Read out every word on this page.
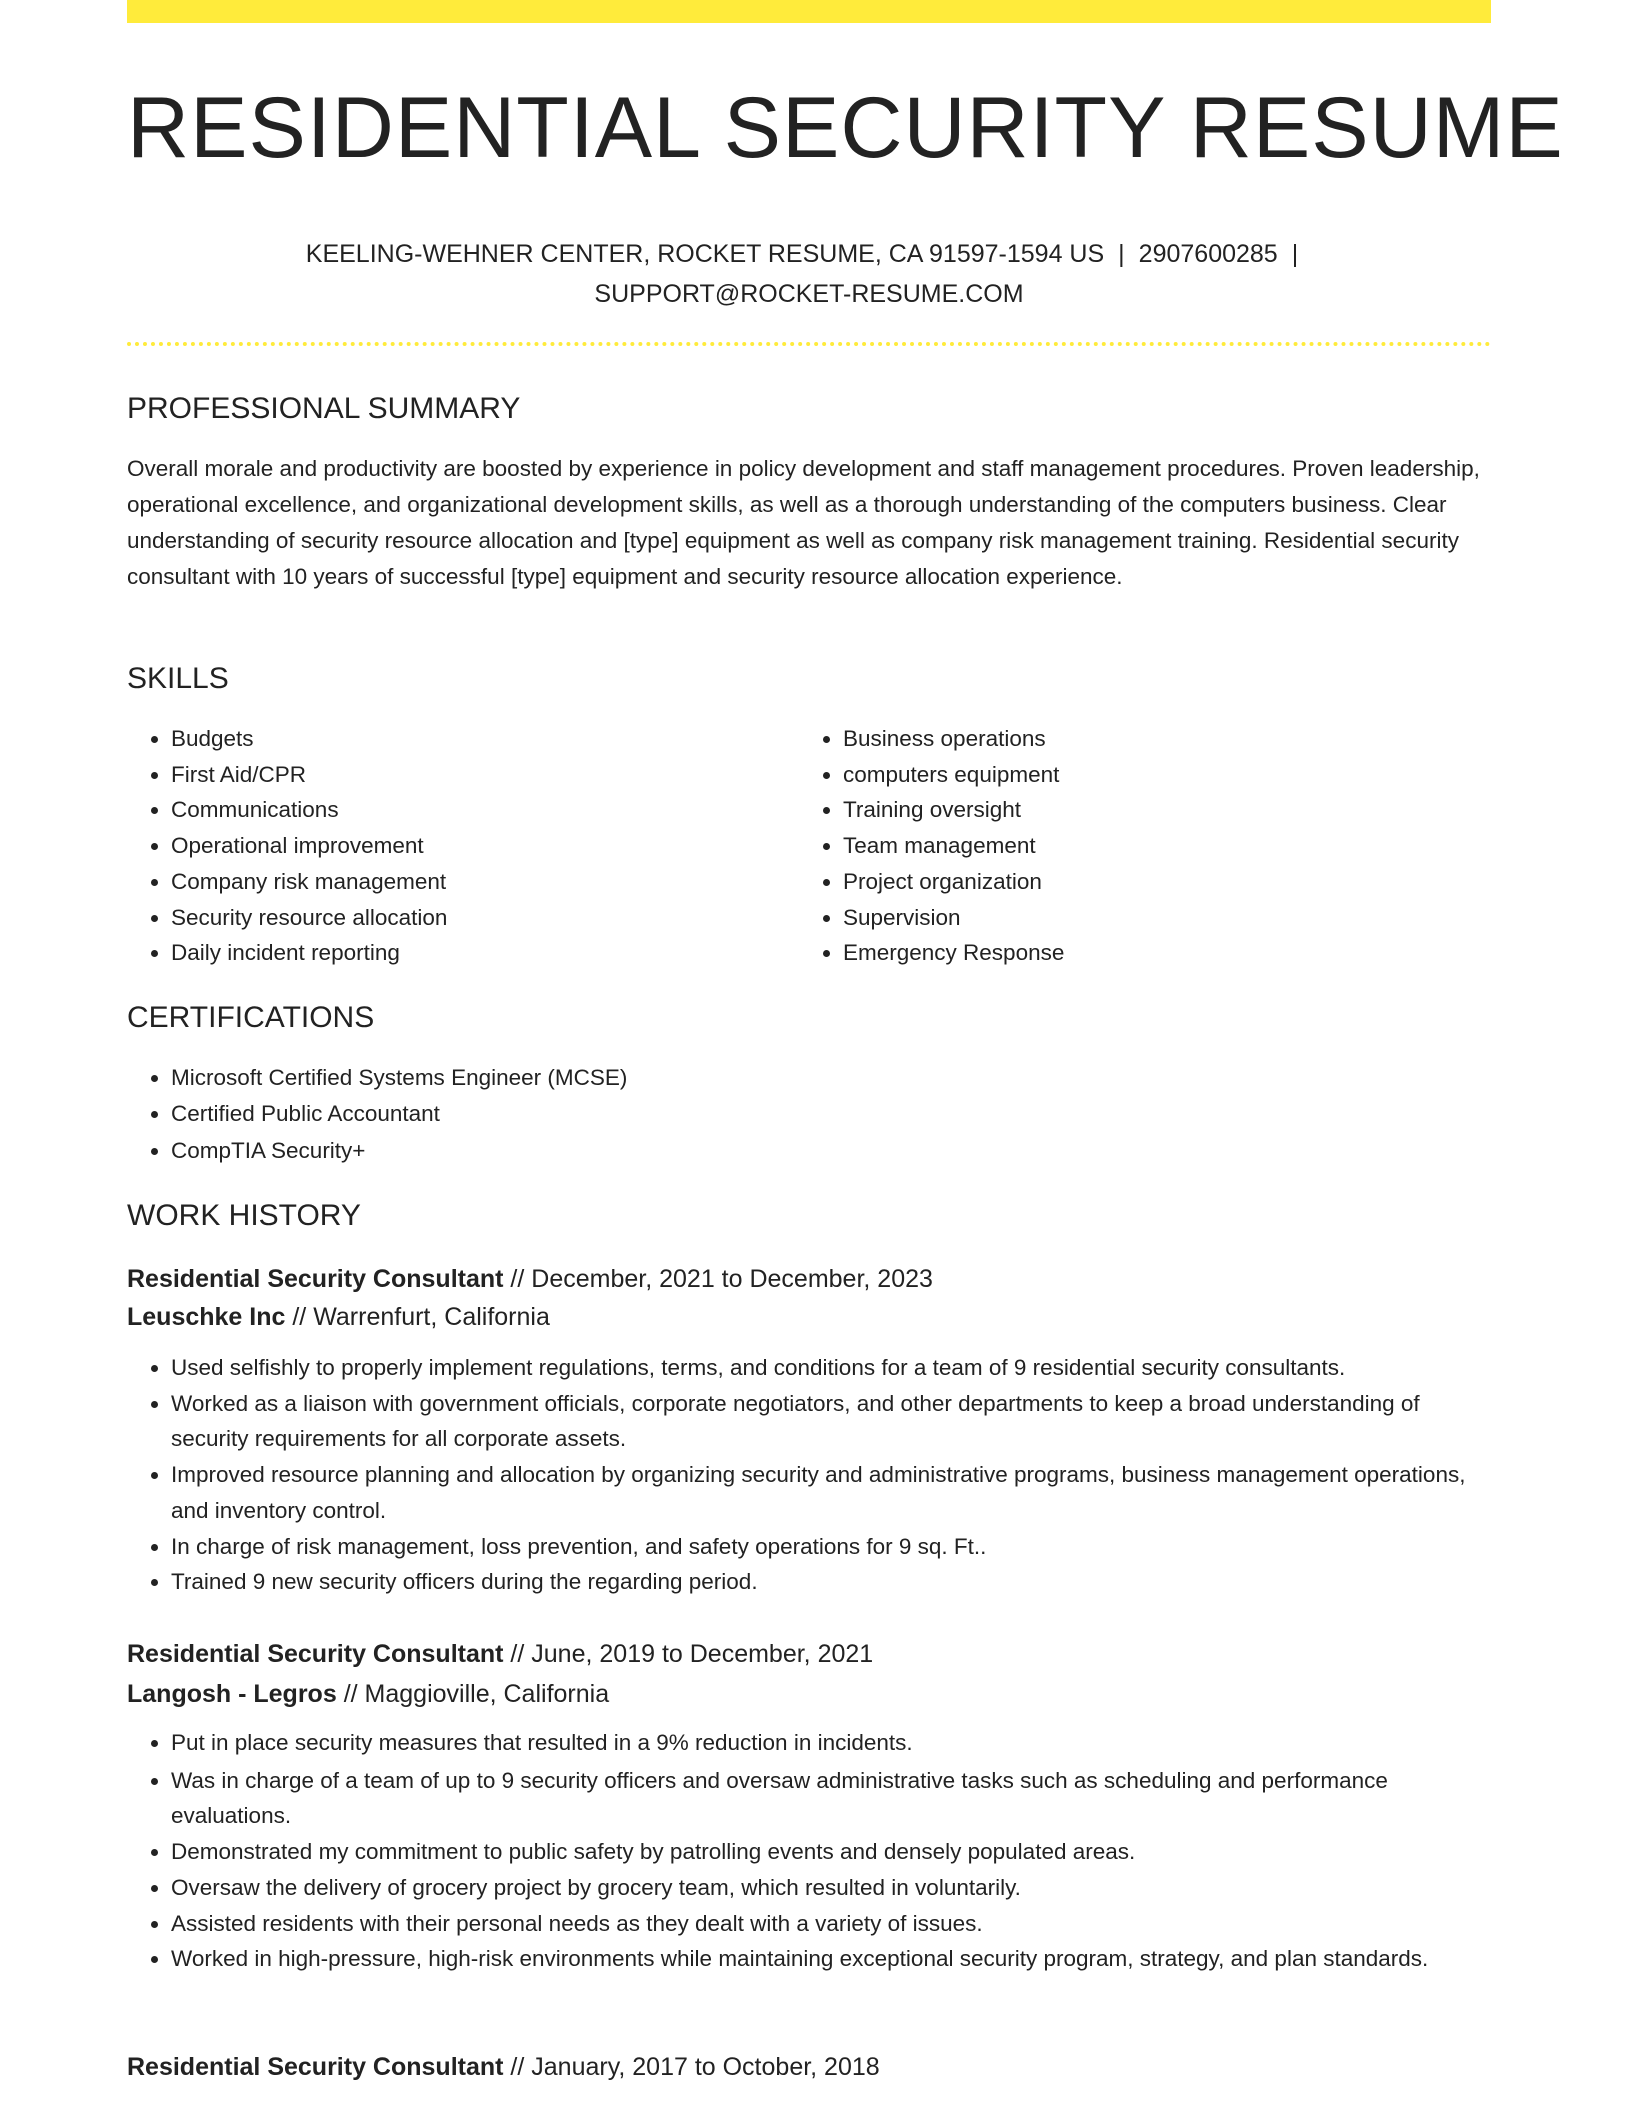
RESIDENTIAL SECURITY RESUME
KEELING-WEHNER CENTER, ROCKET RESUME, CA 91597-1594 US | 2907600285 |
SUPPORT@ROCKET-RESUME.COM
PROFESSIONAL SUMMARY

Overall morale and productivity are boosted by experience in policy development and staff management procedures. Proven leadership, operational excellence, and organizational development skills, as well as a thorough understanding of the computers business. Clear understanding of security resource allocation and [type] equipment as well as company risk management training. Residential security consultant with 10 years of successful [type] equipment and security resource allocation experience.

SKILLS
• Budgets
• First Aid/CPR
• Communications
• Operational improvement
• Company risk management
• Security resource allocation
• Daily incident reporting
• Business operations
• computers equipment
• Training oversight
• Team management
• Project organization
• Supervision
• Emergency Response
CERTIFICATIONS
• Microsoft Certified Systems Engineer (MCSE)
• Certified Public Accountant
• CompTIA Security+
WORK HISTORY
Residential Security Consultant // December, 2021 to December, 2023
Leuschke Inc // Warrenfurt, California
• Used selfishly to properly implement regulations, terms, and conditions for a team of 9 residential security consultants.
• Worked as a liaison with government officials, corporate negotiators, and other departments to keep a broad understanding of security requirements for all corporate assets.
• Improved resource planning and allocation by organizing security and administrative programs, business management operations, and inventory control.
• In charge of risk management, loss prevention, and safety operations for 9 sq. Ft..
• Trained 9 new security officers during the regarding period.
Residential Security Consultant // June, 2019 to December, 2021
Langosh - Legros // Maggioville, California
• Put in place security measures that resulted in a 9% reduction in incidents.
• Was in charge of a team of up to 9 security officers and oversaw administrative tasks such as scheduling and performance evaluations.
• Demonstrated my commitment to public safety by patrolling events and densely populated areas.
• Oversaw the delivery of grocery project by grocery team, which resulted in voluntarily.
• Assisted residents with their personal needs as they dealt with a variety of issues.
• Worked in high-pressure, high-risk environments while maintaining exceptional security program, strategy, and plan standards.
Residential Security Consultant // January, 2017 to October, 2018
